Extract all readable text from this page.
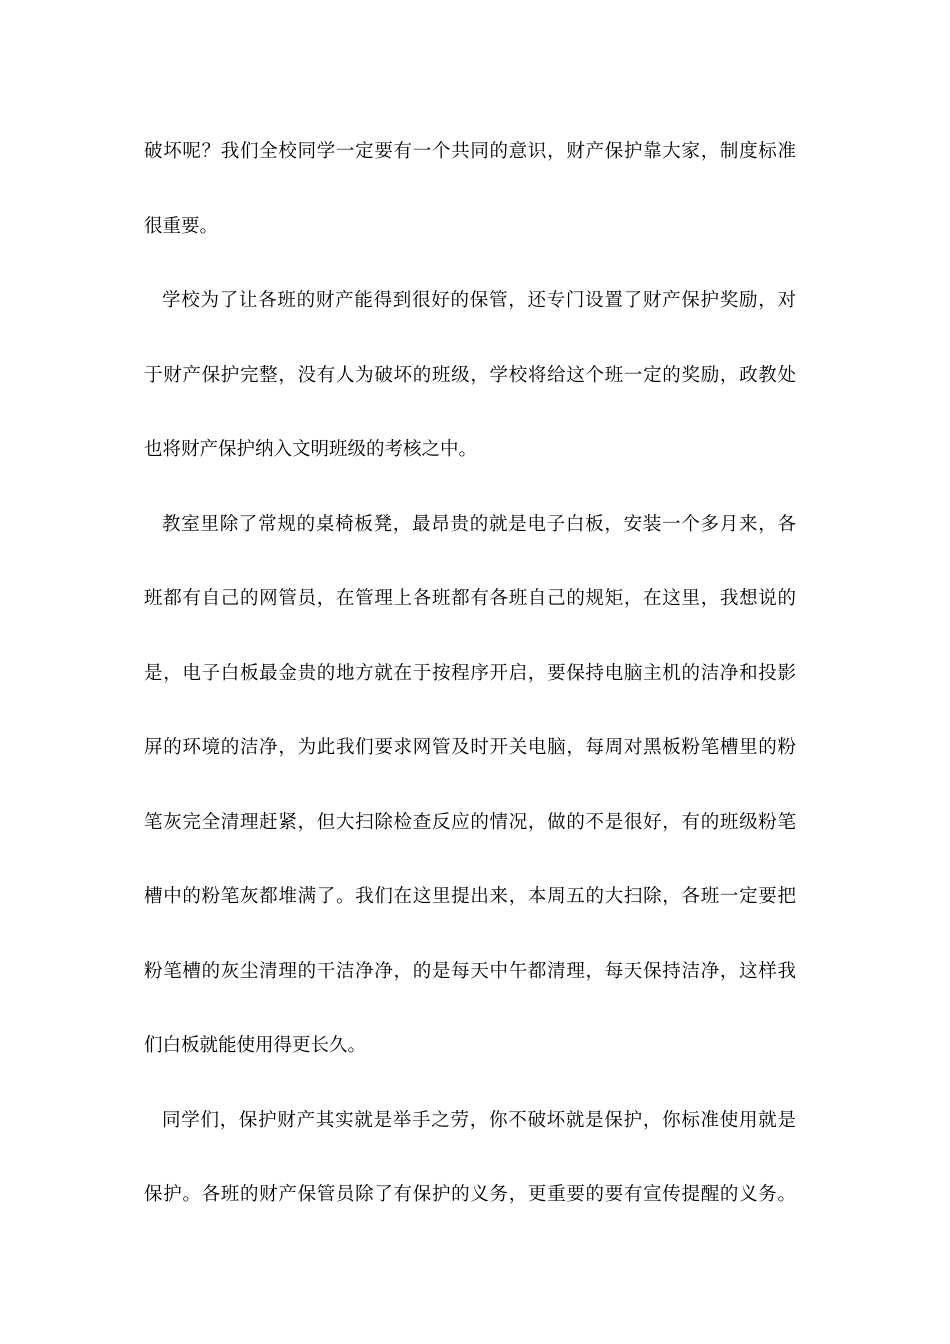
破坏呢？我们全校同学一定要有一个共同的意识，财产保护靠大家，制度标准
很重要。
学校为了让各班的财产能得到很好的保管，还专门设置了财产保护奖励，对
于财产保护完整，没有人为破坏的班级，学校将给这个班一定的奖励，政教处
也将财产保护纳入文明班级的考核之中。
教室里除了常规的桌椅板凳，最昂贵的就是电子白板，安装一个多月来，各
班都有自己的网管员，在管理上各班都有各班自己的规矩，在这里，我想说的
是，电子白板最金贵的地方就在于按程序开启，要保持电脑主机的洁净和投影
屏的环境的洁净，为此我们要求网管及时开关电脑，每周对黑板粉笔槽里的粉
笔灰完全清理赶紧，但大扫除检查反应的情况，做的不是很好，有的班级粉笔
槽中的粉笔灰都堆满了。我们在这里提出来，本周五的大扫除，各班一定要把
粉笔槽的灰尘清理的干洁净净，的是每天中午都清理，每天保持洁净，这样我
们白板就能使用得更长久。
同学们，保护财产其实就是举手之劳，你不破坏就是保护，你标准使用就是
保护。各班的财产保管员除了有保护的义务，更重要的要有宣传提醒的义务。
